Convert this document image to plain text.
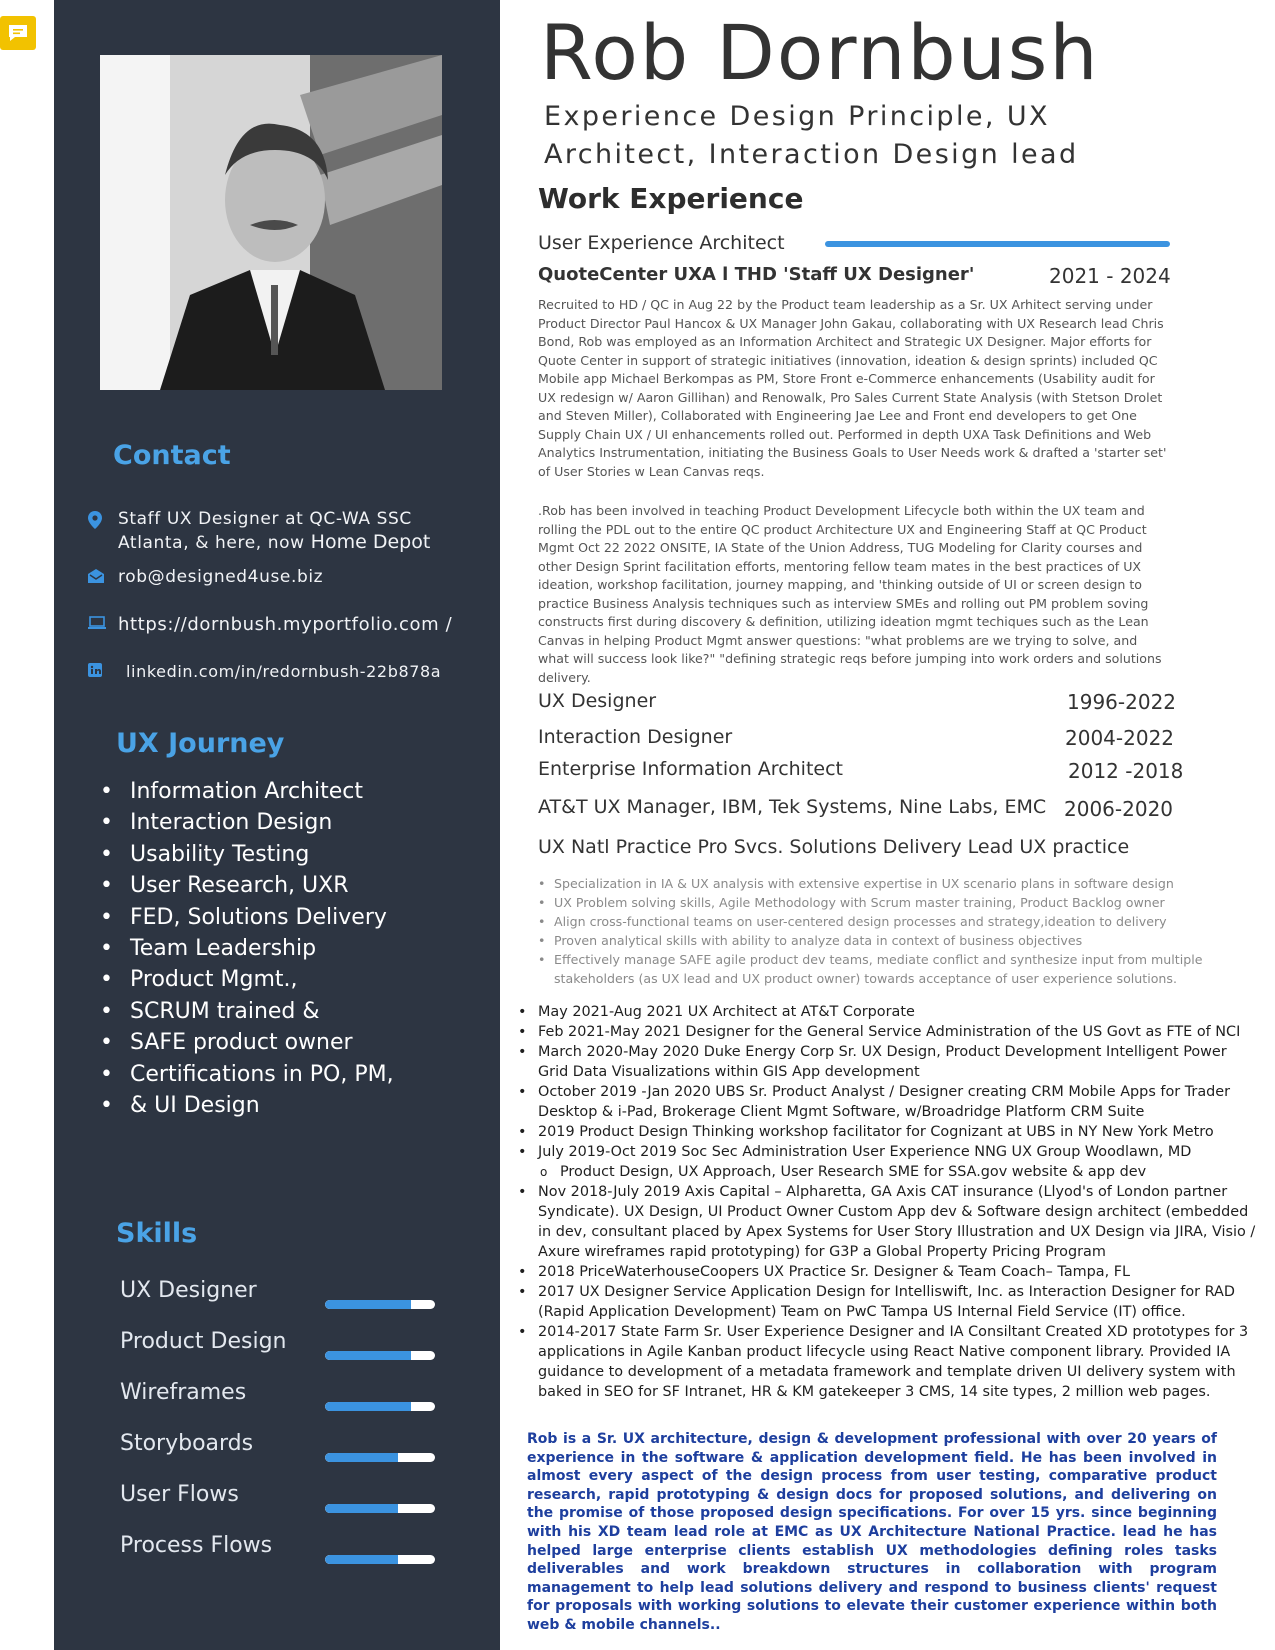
Contact
Staff UX Designer at QC-WA SSC
Atlanta, & here, now Home Depot
rob@designed4use.biz
https://dornbush.myportfolio.com /
linkedin.com/in/redornbush-22b878a
UX Journey
• Information Architect
• Interaction Design
• Usability Testing
• User Research, UXR
• FED, Solutions Delivery
• Team Leadership
• Product Mgmt.,
• SCRUM trained &
• SAFE product owner
• Certifications in PO, PM,
• & UI Design
Skills
UX Designer
Product Design
Wireframes
Storyboards
User Flows
Process Flows
Rob Dornbush
Experience Design Principle, UX Architect, Interaction Design lead
Work Experience
User Experience Architect
QuoteCenter UXA l THD 'Staff UX Designer'	2021 - 2024

Recruited to HD / QC in Aug 22 by the Product team leadership as a Sr. UX Arhitect serving under Product Director Paul Hancox & UX Manager John Gakau, collaborating with UX Research lead Chris Bond, Rob was employed as an Information Architect and Strategic UX Designer. Major efforts for Quote Center in support of strategic initiatives (innovation, ideation & design sprints) included QC Mobile app Michael Berkompas as PM, Store Front e-Commerce enhancements (Usability audit for UX redesign w/ Aaron Gillihan) and Renowalk, Pro Sales Current State Analysis (with Stetson Drolet and Steven Miller), Collaborated with Engineering Jae Lee and Front end developers to get One Supply Chain UX / UI enhancements rolled out. Performed in depth UXA Task Definitions and Web Analytics Instrumentation, initiating the Business Goals to User Needs work & drafted a 'starter set' of User Stories w Lean Canvas reqs.

.Rob has been involved in teaching Product Development Lifecycle both within the UX team and rolling the PDL out to the entire QC product Architecture UX and Engineering Staff at QC Product Mgmt Oct 22 2022 ONSITE, IA State of the Union Address, TUG Modeling for Clarity courses and other Design Sprint facilitation efforts, mentoring fellow team mates in the best practices of UX ideation, workshop facilitation, journey mapping, and 'thinking outside of UI or screen design to practice Business Analysis techniques such as interview SMEs and rolling out PM problem soving constructs first during discovery & definition, utilizing ideation mgmt techiques such as the Lean Canvas in helping Product Mgmt answer questions: "what problems are we trying to solve, and what will success look like?" "defining strategic reqs before jumping into work orders and solutions delivery.

UX Designer	1996-2022
Interaction Designer	2004-2022
Enterprise Information Architect	2012 -2018
AT&T UX Manager, IBM, Tek Systems, Nine Labs, EMC 2006-2020
UX Natl Practice Pro Svcs. Solutions Delivery Lead UX practice
• Specialization in IA & UX analysis with extensive expertise in UX scenario plans in software design
• UX Problem solving skills, Agile Methodology with Scrum master training, Product Backlog owner
• Align cross-functional teams on user-centered design processes and strategy,ideation to delivery
• Proven analytical skills with ability to analyze data in context of business objectives
• Effectively manage SAFE agile product dev teams, mediate conflict and synthesize input from multiple stakeholders (as UX lead and UX product owner) towards acceptance of user experience solutions.
• May 2021-Aug 2021 UX Architect at AT&T Corporate
• Feb 2021-May 2021 Designer for the General Service Administration of the US Govt as FTE of NCI
• March 2020-May 2020 Duke Energy Corp Sr. UX Design, Product Development Intelligent Power Grid Data Visualizations within GIS App development
• October 2019 -Jan 2020 UBS Sr. Product Analyst / Designer creating CRM Mobile Apps for Trader Desktop & i-Pad, Brokerage Client Mgmt Software, w/Broadridge Platform CRM Suite
• 2019 Product Design Thinking workshop facilitator for Cognizant at UBS in NY New York Metro
• July 2019-Oct 2019 Soc Sec Administration User Experience NNG UX Group Woodlawn, MD
o Product Design, UX Approach, User Research SME for SSA.gov website & app dev
• Nov 2018-July 2019 Axis Capital – Alpharetta, GA Axis CAT insurance (Llyod's of London partner Syndicate). UX Design, UI Product Owner Custom App dev & Software design architect (embedded in dev, consultant placed by Apex Systems for User Story Illustration and UX Design via JIRA, Visio / Axure wireframes rapid prototyping) for G3P a Global Property Pricing Program
• 2018 PriceWaterhouseCoopers UX Practice Sr. Designer & Team Coach– Tampa, FL
• 2017 UX Designer Service Application Design for Intelliswift, Inc. as Interaction Designer for RAD (Rapid Application Development) Team on PwC Tampa US Internal Field Service (IT) office.
• 2014-2017 State Farm Sr. User Experience Designer and IA Consiltant Created XD prototypes for 3 applications in Agile Kanban product lifecycle using React Native component library. Provided IA guidance to development of a metadata framework and template driven UI delivery system with baked in SEO for SF Intranet, HR & KM gatekeeper 3 CMS, 14 site types, 2 million web pages.

Rob is a Sr. UX architecture, design & development professional with over 20 years of experience in the software & application development field. He has been involved in almost every aspect of the design process from user testing, comparative product research, rapid prototyping & design docs for proposed solutions, and delivering on the promise of those proposed design specifications. For over 15 yrs. since beginning with his XD team lead role at EMC as UX Architecture National Practice. lead he has helped large enterprise clients establish UX methodologies defining roles tasks deliverables and work breakdown structures in collaboration with program management to help lead solutions delivery and respond to business clients' request for proposals with working solutions to elevate their customer experience within both web & mobile channels..
